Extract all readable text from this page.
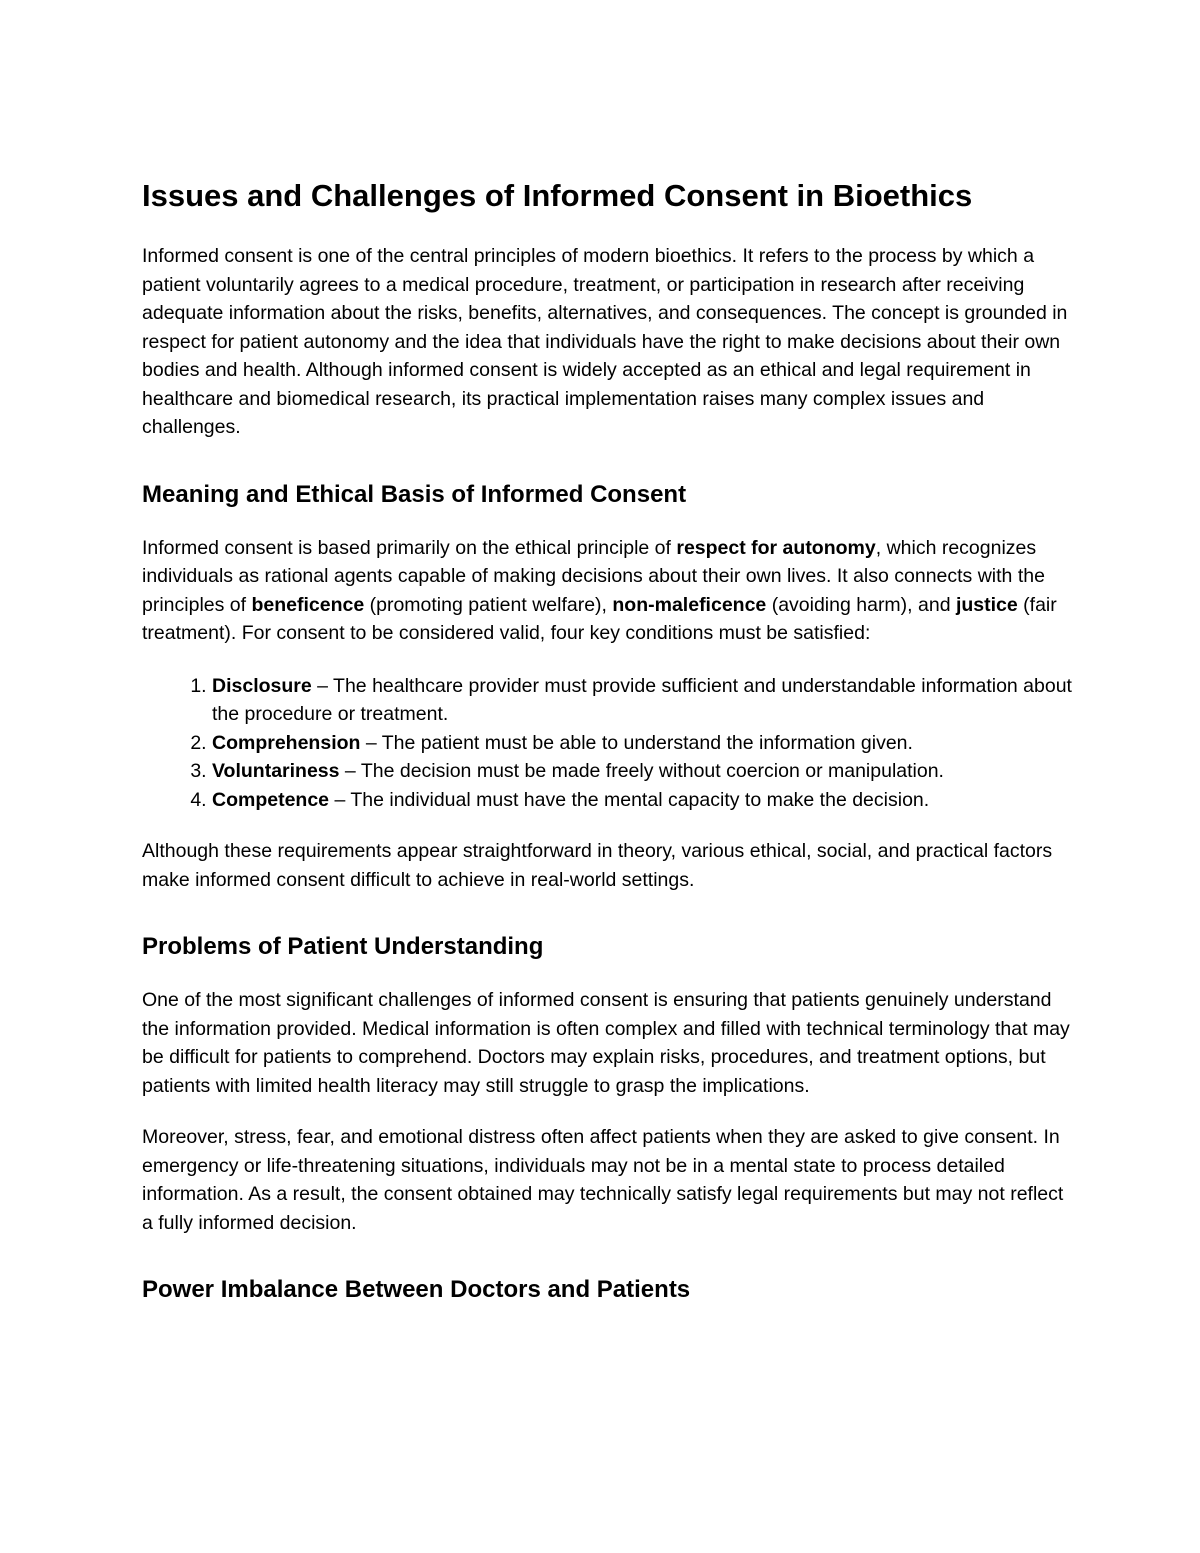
Issues and Challenges of Informed Consent in Bioethics

Informed consent is one of the central principles of modern bioethics. It refers to the process by which a patient voluntarily agrees to a medical procedure, treatment, or participation in research after receiving adequate information about the risks, benefits, alternatives, and consequences. The concept is grounded in respect for patient autonomy and the idea that individuals have the right to make decisions about their own bodies and health. Although informed consent is widely accepted as an ethical and legal requirement in healthcare and biomedical research, its practical implementation raises many complex issues and challenges.

Meaning and Ethical Basis of Informed Consent

Informed consent is based primarily on the ethical principle of respect for autonomy, which recognizes individuals as rational agents capable of making decisions about their own lives. It also connects with the principles of beneficence (promoting patient welfare), non-maleficence (avoiding harm), and justice (fair treatment). For consent to be considered valid, four key conditions must be satisfied:

1. Disclosure – The healthcare provider must provide sufficient and understandable information about the procedure or treatment.
2. Comprehension – The patient must be able to understand the information given.
3. Voluntariness – The decision must be made freely without coercion or manipulation.
4. Competence – The individual must have the mental capacity to make the decision.

Although these requirements appear straightforward in theory, various ethical, social, and practical factors make informed consent difficult to achieve in real-world settings.

Problems of Patient Understanding

One of the most significant challenges of informed consent is ensuring that patients genuinely understand the information provided. Medical information is often complex and filled with technical terminology that may be difficult for patients to comprehend. Doctors may explain risks, procedures, and treatment options, but patients with limited health literacy may still struggle to grasp the implications.

Moreover, stress, fear, and emotional distress often affect patients when they are asked to give consent. In emergency or life-threatening situations, individuals may not be in a mental state to process detailed information. As a result, the consent obtained may technically satisfy legal requirements but may not reflect a fully informed decision.

Power Imbalance Between Doctors and Patients
